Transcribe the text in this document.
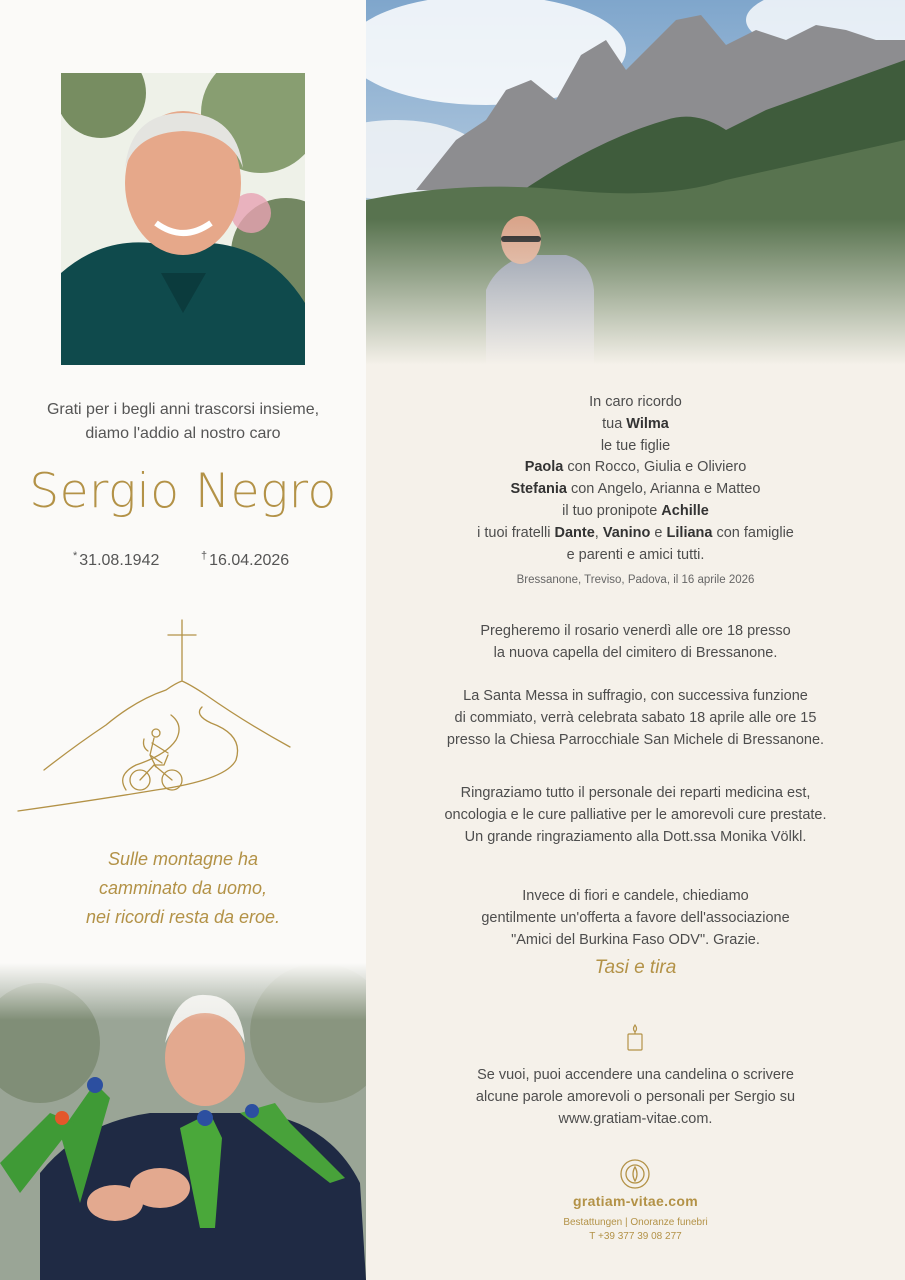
Grati per i begli anni trascorsi insieme,
diamo l'addio al nostro caro
Sergio Negro
* 31.08.1942	† 16.04.2026
Sulle montagne ha
camminato da uomo,
nei ricordi resta da eroe.
In caro ricordo
tua Wilma
le tue figlie
Paola con Rocco, Giulia e Oliviero
Stefania con Angelo, Arianna e Matteo
il tuo pronipote Achille
i tuoi fratelli Dante, Vanino e Liliana con famiglie
e parenti e amici tutti.
Bressanone, Treviso, Padova, il 16 aprile 2026
Pregheremo il rosario venerdì alle ore 18 presso
la nuova capella del cimitero di Bressanone.
La Santa Messa in suffragio, con successiva funzione
di commiato, verrà celebrata sabato 18 aprile alle ore 15
presso la Chiesa Parrocchiale San Michele di Bressanone.
Ringraziamo tutto il personale dei reparti medicina est,
oncologia e le cure palliative per le amorevoli cure prestate.
Un grande ringraziamento alla Dott.ssa Monika Völkl.
Invece di fiori e candele, chiediamo
gentilmente un'offerta a favore dell'associazione
"Amici del Burkina Faso ODV". Grazie.
Tasi e tira
Se vuoi, puoi accendere una candelina o scrivere
alcune parole amorevoli o personali per Sergio su
www.gratiam-vitae.com.
gratiam-vitae.com
Bestattungen | Onoranze funebri
T +39 377 39 08 277
